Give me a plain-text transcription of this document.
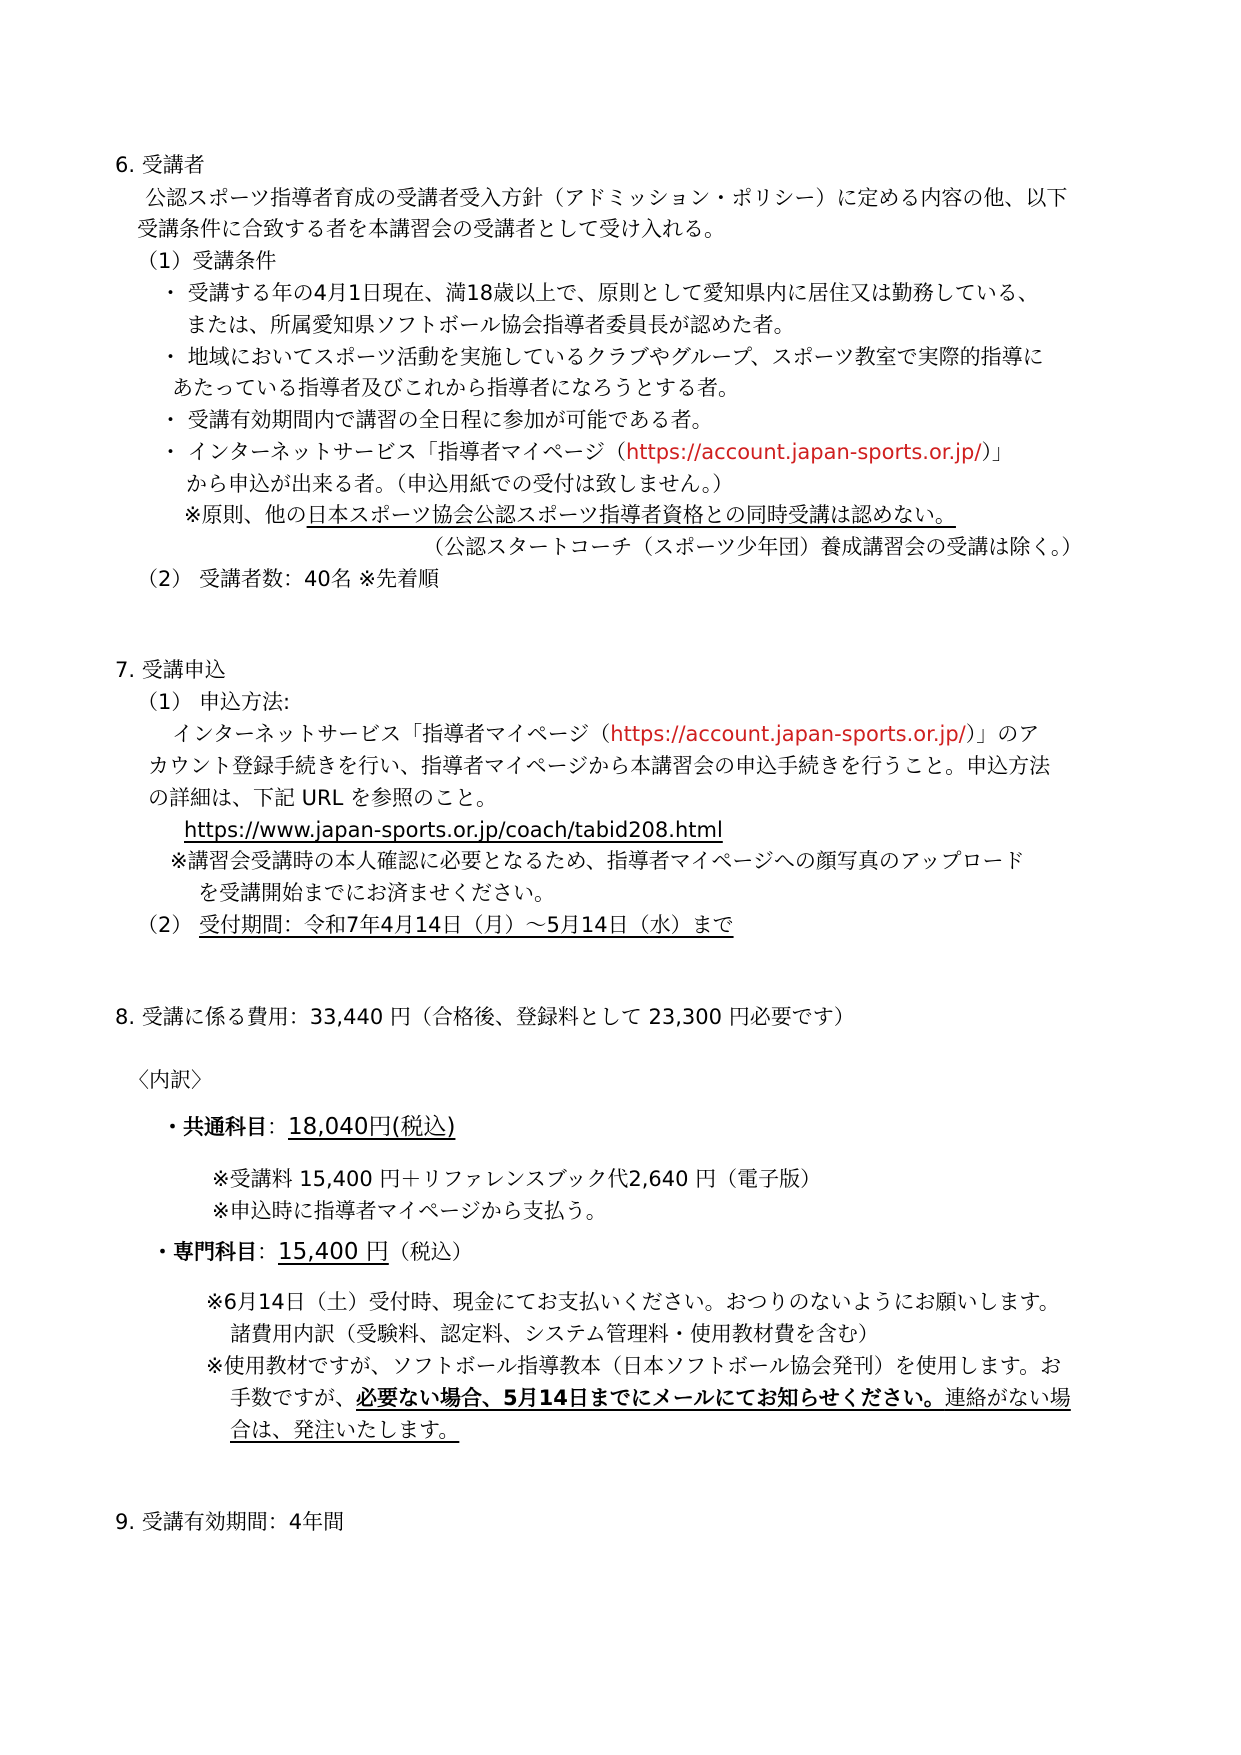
6. 受講者
公認スポーツ指導者育成の受講者受入方針（アドミッション・ポリシー）に定める内容の他、以下
受講条件に合致する者を本講習会の受講者として受け入れる。
（1）受講条件
・ 受講する年の4月1日現在、満18歳以上で、原則として愛知県内に居住又は勤務している、
または、所属愛知県ソフトボール協会指導者委員長が認めた者。
・ 地域においてスポーツ活動を実施しているクラブやグループ、スポーツ教室で実際的指導に
あたっている指導者及びこれから指導者になろうとする者。
・ 受講有効期間内で講習の全日程に参加が可能である者。
・ インターネットサービス「指導者マイページ（https://account.japan-sports.or.jp/）」
から申込が出来る者。（申込用紙での受付は致しません。）
※原則、他の日本スポーツ協会公認スポーツ指導者資格との同時受講は認めない。
（公認スタートコーチ（スポーツ少年団）養成講習会の受講は除く。）
（2） 受講者数：40名 ※先着順
7. 受講申込
（1） 申込方法:
インターネットサービス「指導者マイページ（https://account.japan-sports.or.jp/）」のア
カウント登録手続きを行い、指導者マイページから本講習会の申込手続きを行うこと。申込方法
の詳細は、下記 URL を参照のこと。
https://www.japan-sports.or.jp/coach/tabid208.html
※講習会受講時の本人確認に必要となるため、指導者マイページへの顔写真のアップロード
を受講開始までにお済ませください。
（2） 受付期間：令和7年4月14日（月）～5月14日（水）まで
8. 受講に係る費用：33,440 円（合格後、登録料として 23,300 円必要です）
〈内訳〉
・共通科目：18,040円(税込)
※受講料 15,400 円＋リファレンスブック代2,640 円（電子版）
※申込時に指導者マイページから支払う。
・専門科目：15,400 円（税込）
※6月14日（土）受付時、現金にてお支払いください。おつりのないようにお願いします。
諸費用内訳（受験料、認定料、システム管理料・使用教材費を含む）
※使用教材ですが、ソフトボール指導教本（日本ソフトボール協会発刊）を使用します。お
手数ですが、必要ない場合、5月14日までにメールにてお知らせください。連絡がない場
合は、発注いたします。
9. 受講有効期間：4年間
